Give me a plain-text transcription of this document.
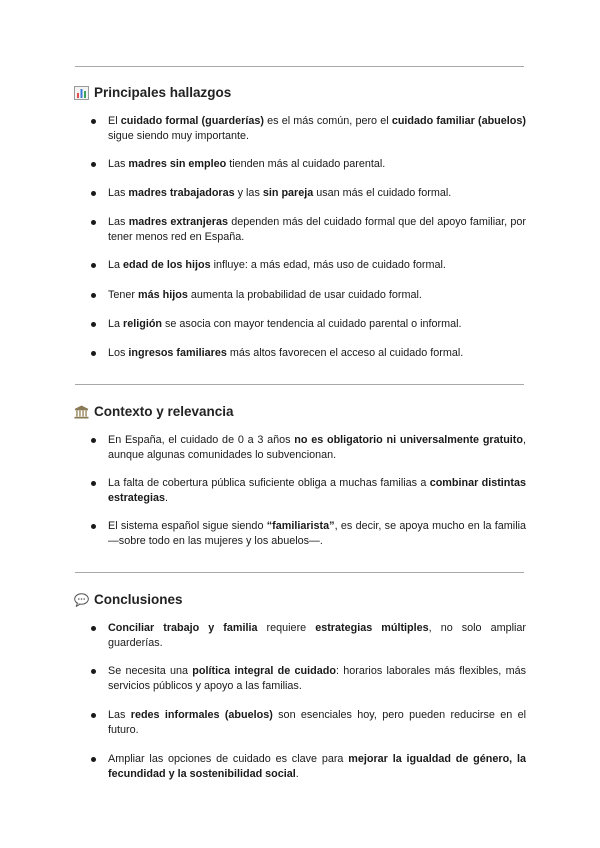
Principales hallazgos
El cuidado formal (guarderías) es el más común, pero el cuidado familiar (abuelos) sigue siendo muy importante.
Las madres sin empleo tienden más al cuidado parental.
Las madres trabajadoras y las sin pareja usan más el cuidado formal.
Las madres extranjeras dependen más del cuidado formal que del apoyo familiar, por tener menos red en España.
La edad de los hijos influye: a más edad, más uso de cuidado formal.
Tener más hijos aumenta la probabilidad de usar cuidado formal.
La religión se asocia con mayor tendencia al cuidado parental o informal.
Los ingresos familiares más altos favorecen el acceso al cuidado formal.
Contexto y relevancia
En España, el cuidado de 0 a 3 años no es obligatorio ni universalmente gratuito, aunque algunas comunidades lo subvencionan.
La falta de cobertura pública suficiente obliga a muchas familias a combinar distintas estrategias.
El sistema español sigue siendo “familiarista”, es decir, se apoya mucho en la familia —sobre todo en las mujeres y los abuelos—.
Conclusiones
Conciliar trabajo y familia requiere estrategias múltiples, no solo ampliar guarderías.
Se necesita una política integral de cuidado: horarios laborales más flexibles, más servicios públicos y apoyo a las familias.
Las redes informales (abuelos) son esenciales hoy, pero pueden reducirse en el futuro.
Ampliar las opciones de cuidado es clave para mejorar la igualdad de género, la fecundidad y la sostenibilidad social.
